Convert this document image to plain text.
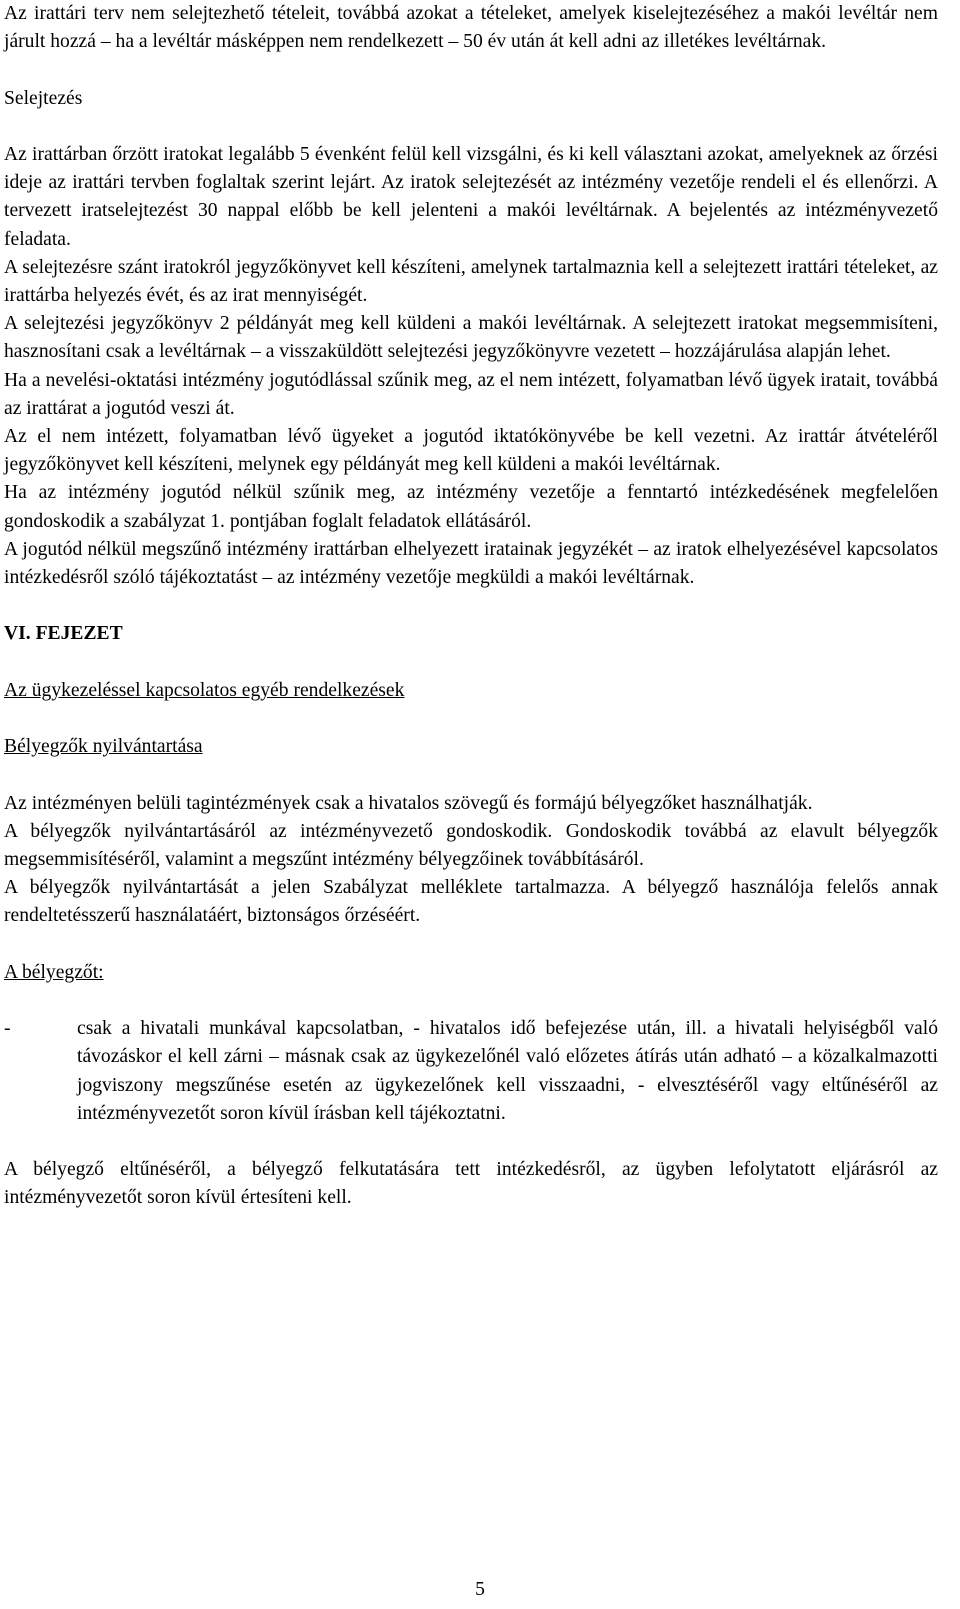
Az irattári terv nem selejtezhető tételeit, továbbá azokat a tételeket, amelyek kiselejtezéséhez a makói levéltár nem járult hozzá – ha a levéltár másképpen nem rendelkezett – 50 év után át kell adni az illetékes levéltárnak.

Selejtezés

Az irattárban őrzött iratokat legalább 5 évenként felül kell vizsgálni, és ki kell választani azokat, amelyeknek az őrzési ideje az irattári tervben foglaltak szerint lejárt. Az iratok selejtezését az intézmény vezetője rendeli el és ellenőrzi. A tervezett iratselejtezést 30 nappal előbb be kell jelenteni a makói levéltárnak. A bejelentés az intézményvezető feladata.

A selejtezésre szánt iratokról jegyzőkönyvet kell készíteni, amelynek tartalmaznia kell a selejtezett irattári tételeket, az irattárba helyezés évét, és az irat mennyiségét.

A selejtezési jegyzőkönyv 2 példányát meg kell küldeni a makói levéltárnak. A selejtezett iratokat megsemmisíteni, hasznosítani csak a levéltárnak – a visszaküldött selejtezési jegyzőkönyvre vezetett – hozzájárulása alapján lehet.

Ha a nevelési-oktatási intézmény jogutódlással szűnik meg, az el nem intézett, folyamatban lévő ügyek iratait, továbbá az irattárat a jogutód veszi át.

Az el nem intézett, folyamatban lévő ügyeket a jogutód iktatókönyvébe be kell vezetni. Az irattár átvételéről jegyzőkönyvet kell készíteni, melynek egy példányát meg kell küldeni a makói levéltárnak.

Ha az intézmény jogutód nélkül szűnik meg, az intézmény vezetője a fenntartó intézkedésének megfelelően gondoskodik a szabályzat 1. pontjában foglalt feladatok ellátásáról.

A jogutód nélkül megszűnő intézmény irattárban elhelyezett iratainak jegyzékét – az iratok elhelyezésével kapcsolatos intézkedésről szóló tájékoztatást – az intézmény vezetője megküldi a makói levéltárnak.

VI. FEJEZET

Az ügykezeléssel kapcsolatos egyéb rendelkezések

Bélyegzők nyilvántartása

Az intézményen belüli tagintézmények csak a hivatalos szövegű és formájú bélyegzőket használhatják.

A bélyegzők nyilvántartásáról az intézményvezető gondoskodik. Gondoskodik továbbá az elavult bélyegzők megsemmisítéséről, valamint a megszűnt intézmény bélyegzőinek továbbításáról.

A bélyegzők nyilvántartását a jelen Szabályzat melléklete tartalmazza. A bélyegző használója felelős annak rendeltetésszerű használatáért, biztonságos őrzéséért.

A bélyegzőt:

-	csak a hivatali munkával kapcsolatban, - hivatalos idő befejezése után, ill. a hivatali helyiségből való távozáskor el kell zárni – másnak csak az ügykezelőnél való előzetes átírás után adható – a közalkalmazotti jogviszony megszűnése esetén az ügykezelőnek kell visszaadni, - elvesztéséről vagy eltűnéséről az intézményvezetőt soron kívül írásban kell tájékoztatni.

A bélyegző eltűnéséről, a bélyegző felkutatására tett intézkedésről, az ügyben lefolytatott eljárásról az intézményvezetőt soron kívül értesíteni kell.

5
